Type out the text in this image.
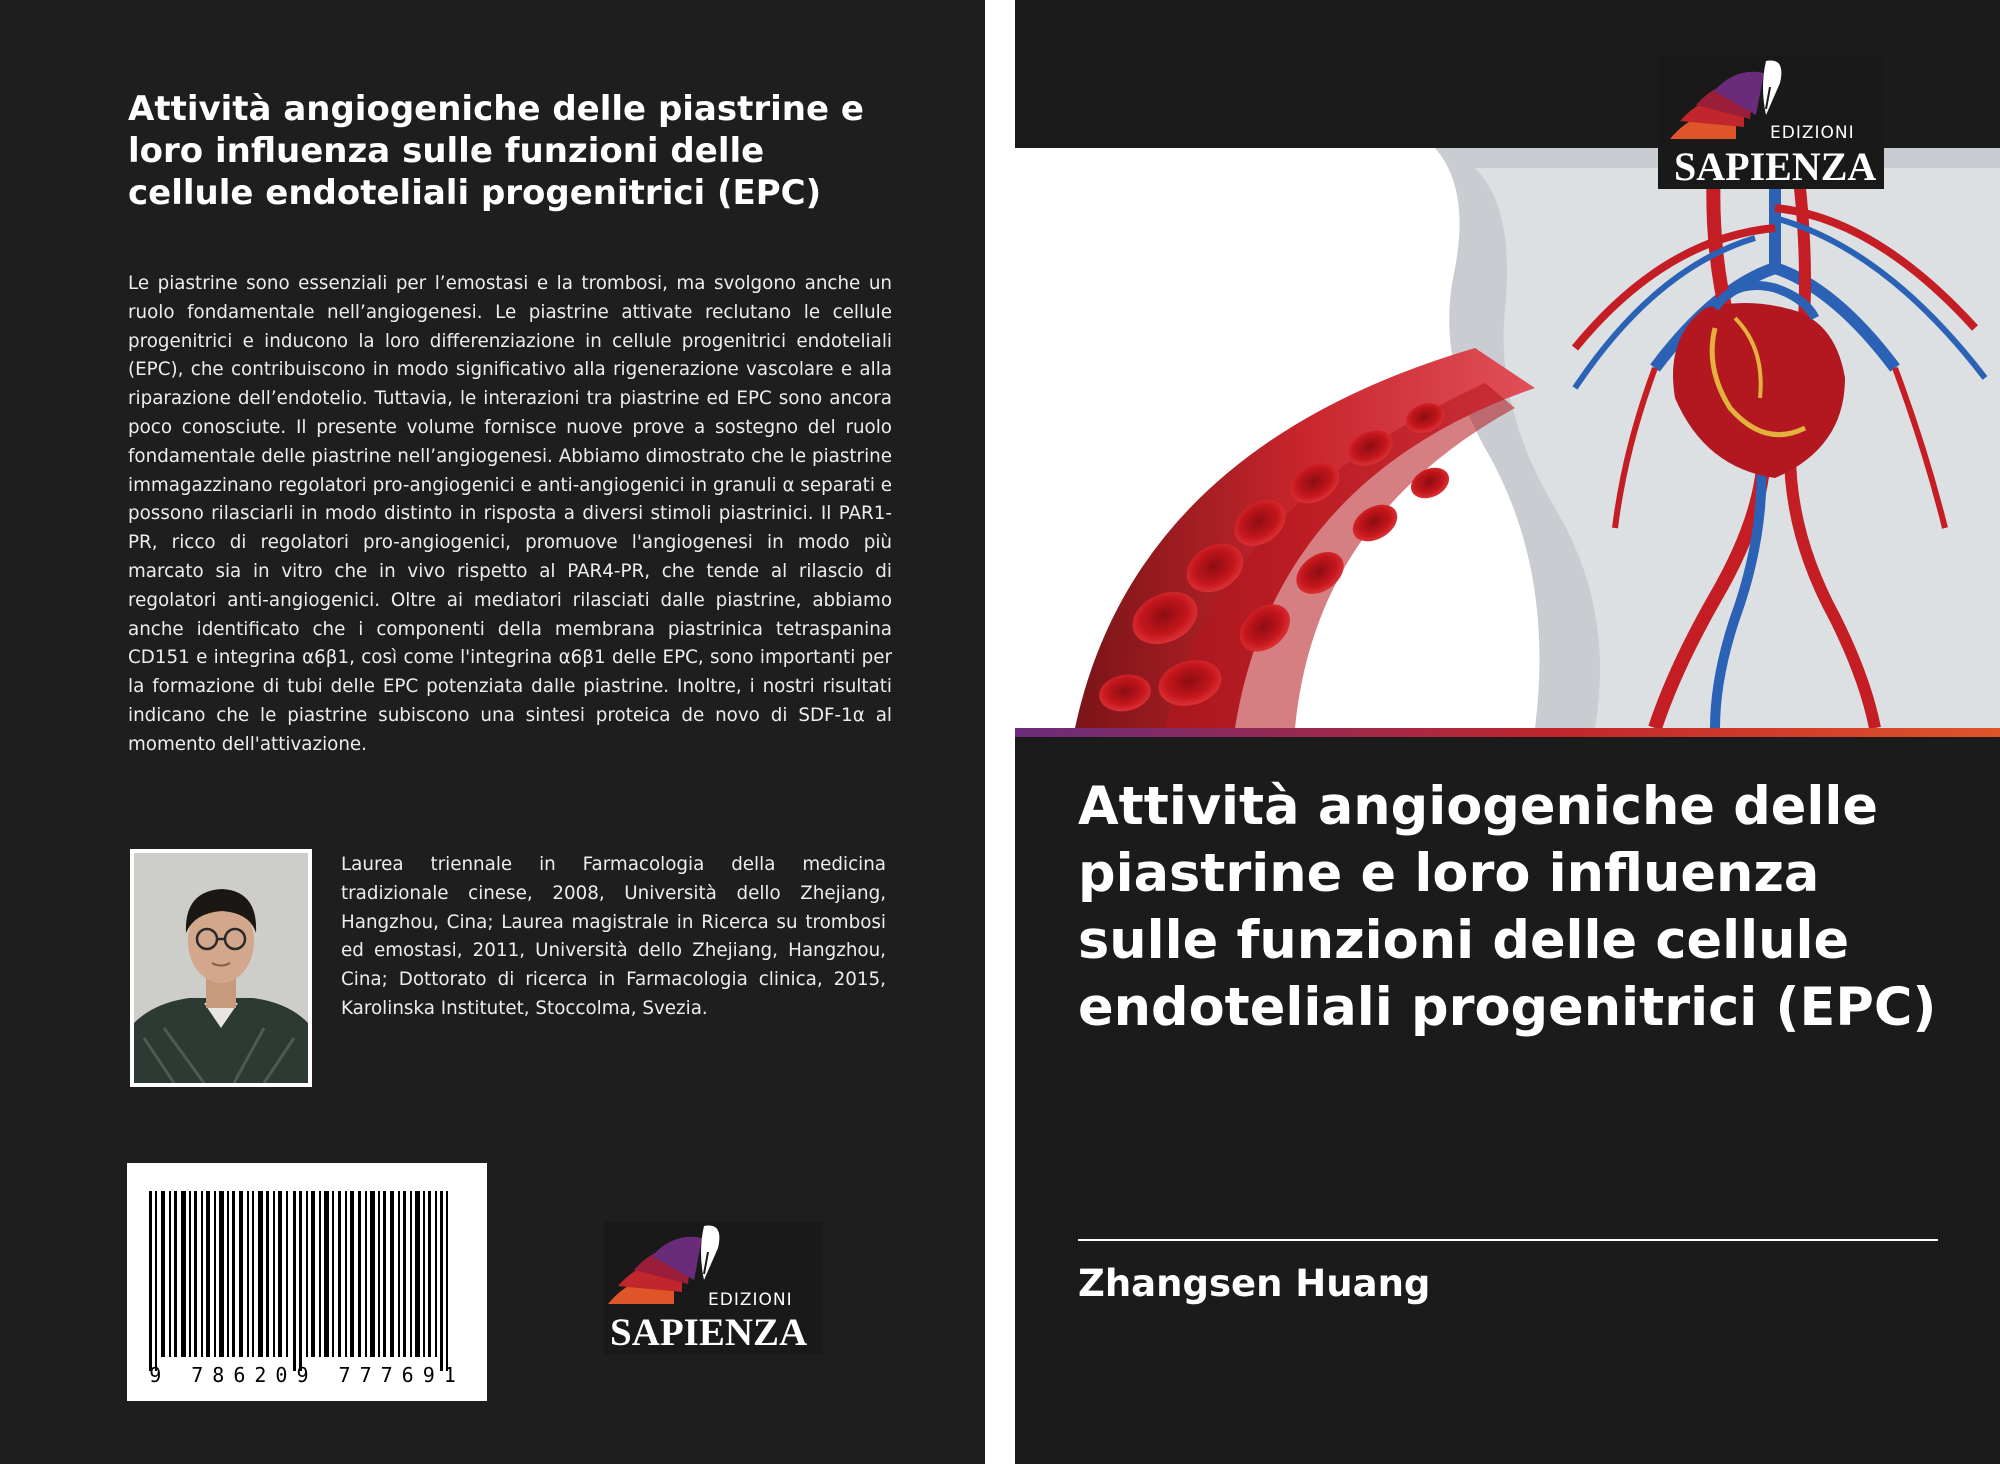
Attività angiogeniche delle piastrine e loro influenza sulle funzioni delle cellule endoteliali progenitrici (EPC)

Le piastrine sono essenziali per l’emostasi e la trombosi, ma svolgono anche un ruolo fondamentale nell’angiogenesi. Le piastrine attivate reclutano le cellule progenitrici e inducono la loro differenziazione in cellule progenitrici endoteliali (EPC), che contribuiscono in modo significativo alla rigenerazione vascolare e alla riparazione dell’endotelio. Tuttavia, le interazioni tra piastrine ed EPC sono ancora poco conosciute. Il presente volume fornisce nuove prove a sostegno del ruolo fondamentale delle piastrine nell’angiogenesi. Abbiamo dimostrato che le piastrine immagazzinano regolatori pro-angiogenici e anti-angiogenici in granuli α separati e possono rilasciarli in modo distinto in risposta a diversi stimoli piastrinici. Il PAR1-PR, ricco di regolatori pro-angiogenici, promuove l'angiogenesi in modo più marcato sia in vitro che in vivo rispetto al PAR4-PR, che tende al rilascio di regolatori anti-angiogenici. Oltre ai mediatori rilasciati dalle piastrine, abbiamo anche identificato che i componenti della membrana piastrinica tetraspanina CD151 e integrina α6β1, così come l'integrina α6β1 delle EPC, sono importanti per la formazione di tubi delle EPC potenziata dalle piastrine. Inoltre, i nostri risultati indicano che le piastrine subiscono una sintesi proteica de novo di SDF-1α al momento dell'attivazione.

Laurea triennale in Farmacologia della medicina tradizionale cinese, 2008, Università dello Zhejiang, Hangzhou, Cina; Laurea magistrale in Ricerca su trombosi ed emostasi, 2011, Università dello Zhejiang, Hangzhou, Cina; Dottorato di ricerca in Farmacologia clinica, 2015, Karolinska Institutet, Stoccolma, Svezia.

9 786209 777691
EDIZIONI
SAPIENZA
EDIZIONI
SAPIENZA
Attività angiogeniche delle piastrine e loro influenza sulle funzioni delle cellule endoteliali progenitrici (EPC)
Zhangsen Huang
